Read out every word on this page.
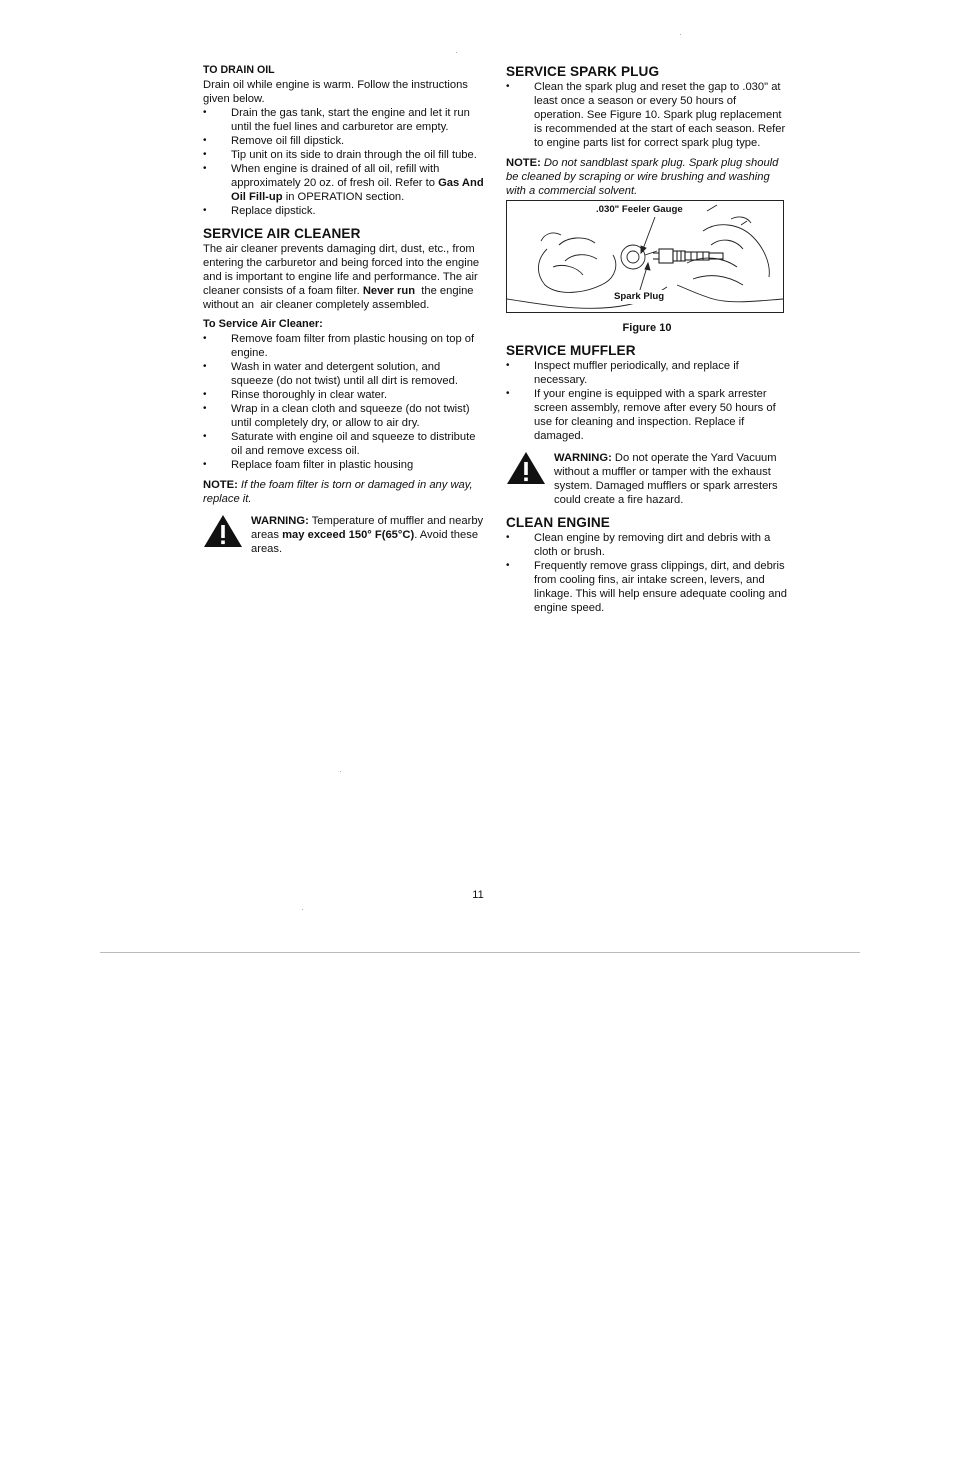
TO DRAIN OIL

Drain oil while engine is warm. Follow the instructions given below.

• Drain the gas tank, start the engine and let it run until the fuel lines and carburetor are empty.
• Remove oil fill dipstick.
• Tip unit on its side to drain through the oil fill tube.
• When engine is drained of all oil, refill with approximately 20 oz. of fresh oil. Refer to Gas And Oil Fill-up in OPERATION section.
• Replace dipstick.
SERVICE AIR CLEANER

The air cleaner prevents damaging dirt, dust, etc., from entering the carburetor and being forced into the engine and is important to engine life and performance. The air cleaner consists of a foam filter. Never run  the engine without an  air cleaner completely assembled.

To Service Air Cleaner:
• Remove foam filter from plastic housing on top of engine.
• Wash in water and detergent solution, and squeeze (do not twist) until all dirt is removed.
• Rinse thoroughly in clear water.
• Wrap in a clean cloth and squeeze (do not twist) until completely dry, or allow to air dry.
• Saturate with engine oil and squeeze to distribute oil and remove excess oil.
• Replace foam filter in plastic housing

NOTE: If the foam filter is torn or damaged in any way, replace it.

WARNING: Temperature of muffler and nearby areas may exceed 150° F(65°C). Avoid these areas.
SERVICE SPARK PLUG
• Clean the spark plug and reset the gap to .030" at least once a season or every 50 hours of operation. See Figure 10. Spark plug replacement is recommended at the start of each season. Refer to engine parts list for correct spark plug type.

NOTE: Do not sandblast spark plug. Spark plug should be cleaned by scraping or wire brushing and washing with a commercial solvent.

.030" Feeler Gauge
Spark Plug
Figure 10
SERVICE MUFFLER
• Inspect muffler periodically, and replace if necessary.
• If your engine is equipped with a spark arrester screen assembly, remove after every 50 hours of use for cleaning and inspection. Replace if damaged.
WARNING: Do not operate the Yard Vacuum without a muffler or tamper with the exhaust system. Damaged mufflers or spark arresters could create a fire hazard.
CLEAN ENGINE
• Clean engine by removing dirt and debris with a cloth or brush.
• Frequently remove grass clippings, dirt, and debris from cooling fins, air intake screen, levers, and linkage. This will help ensure adequate cooling and engine speed.
11
